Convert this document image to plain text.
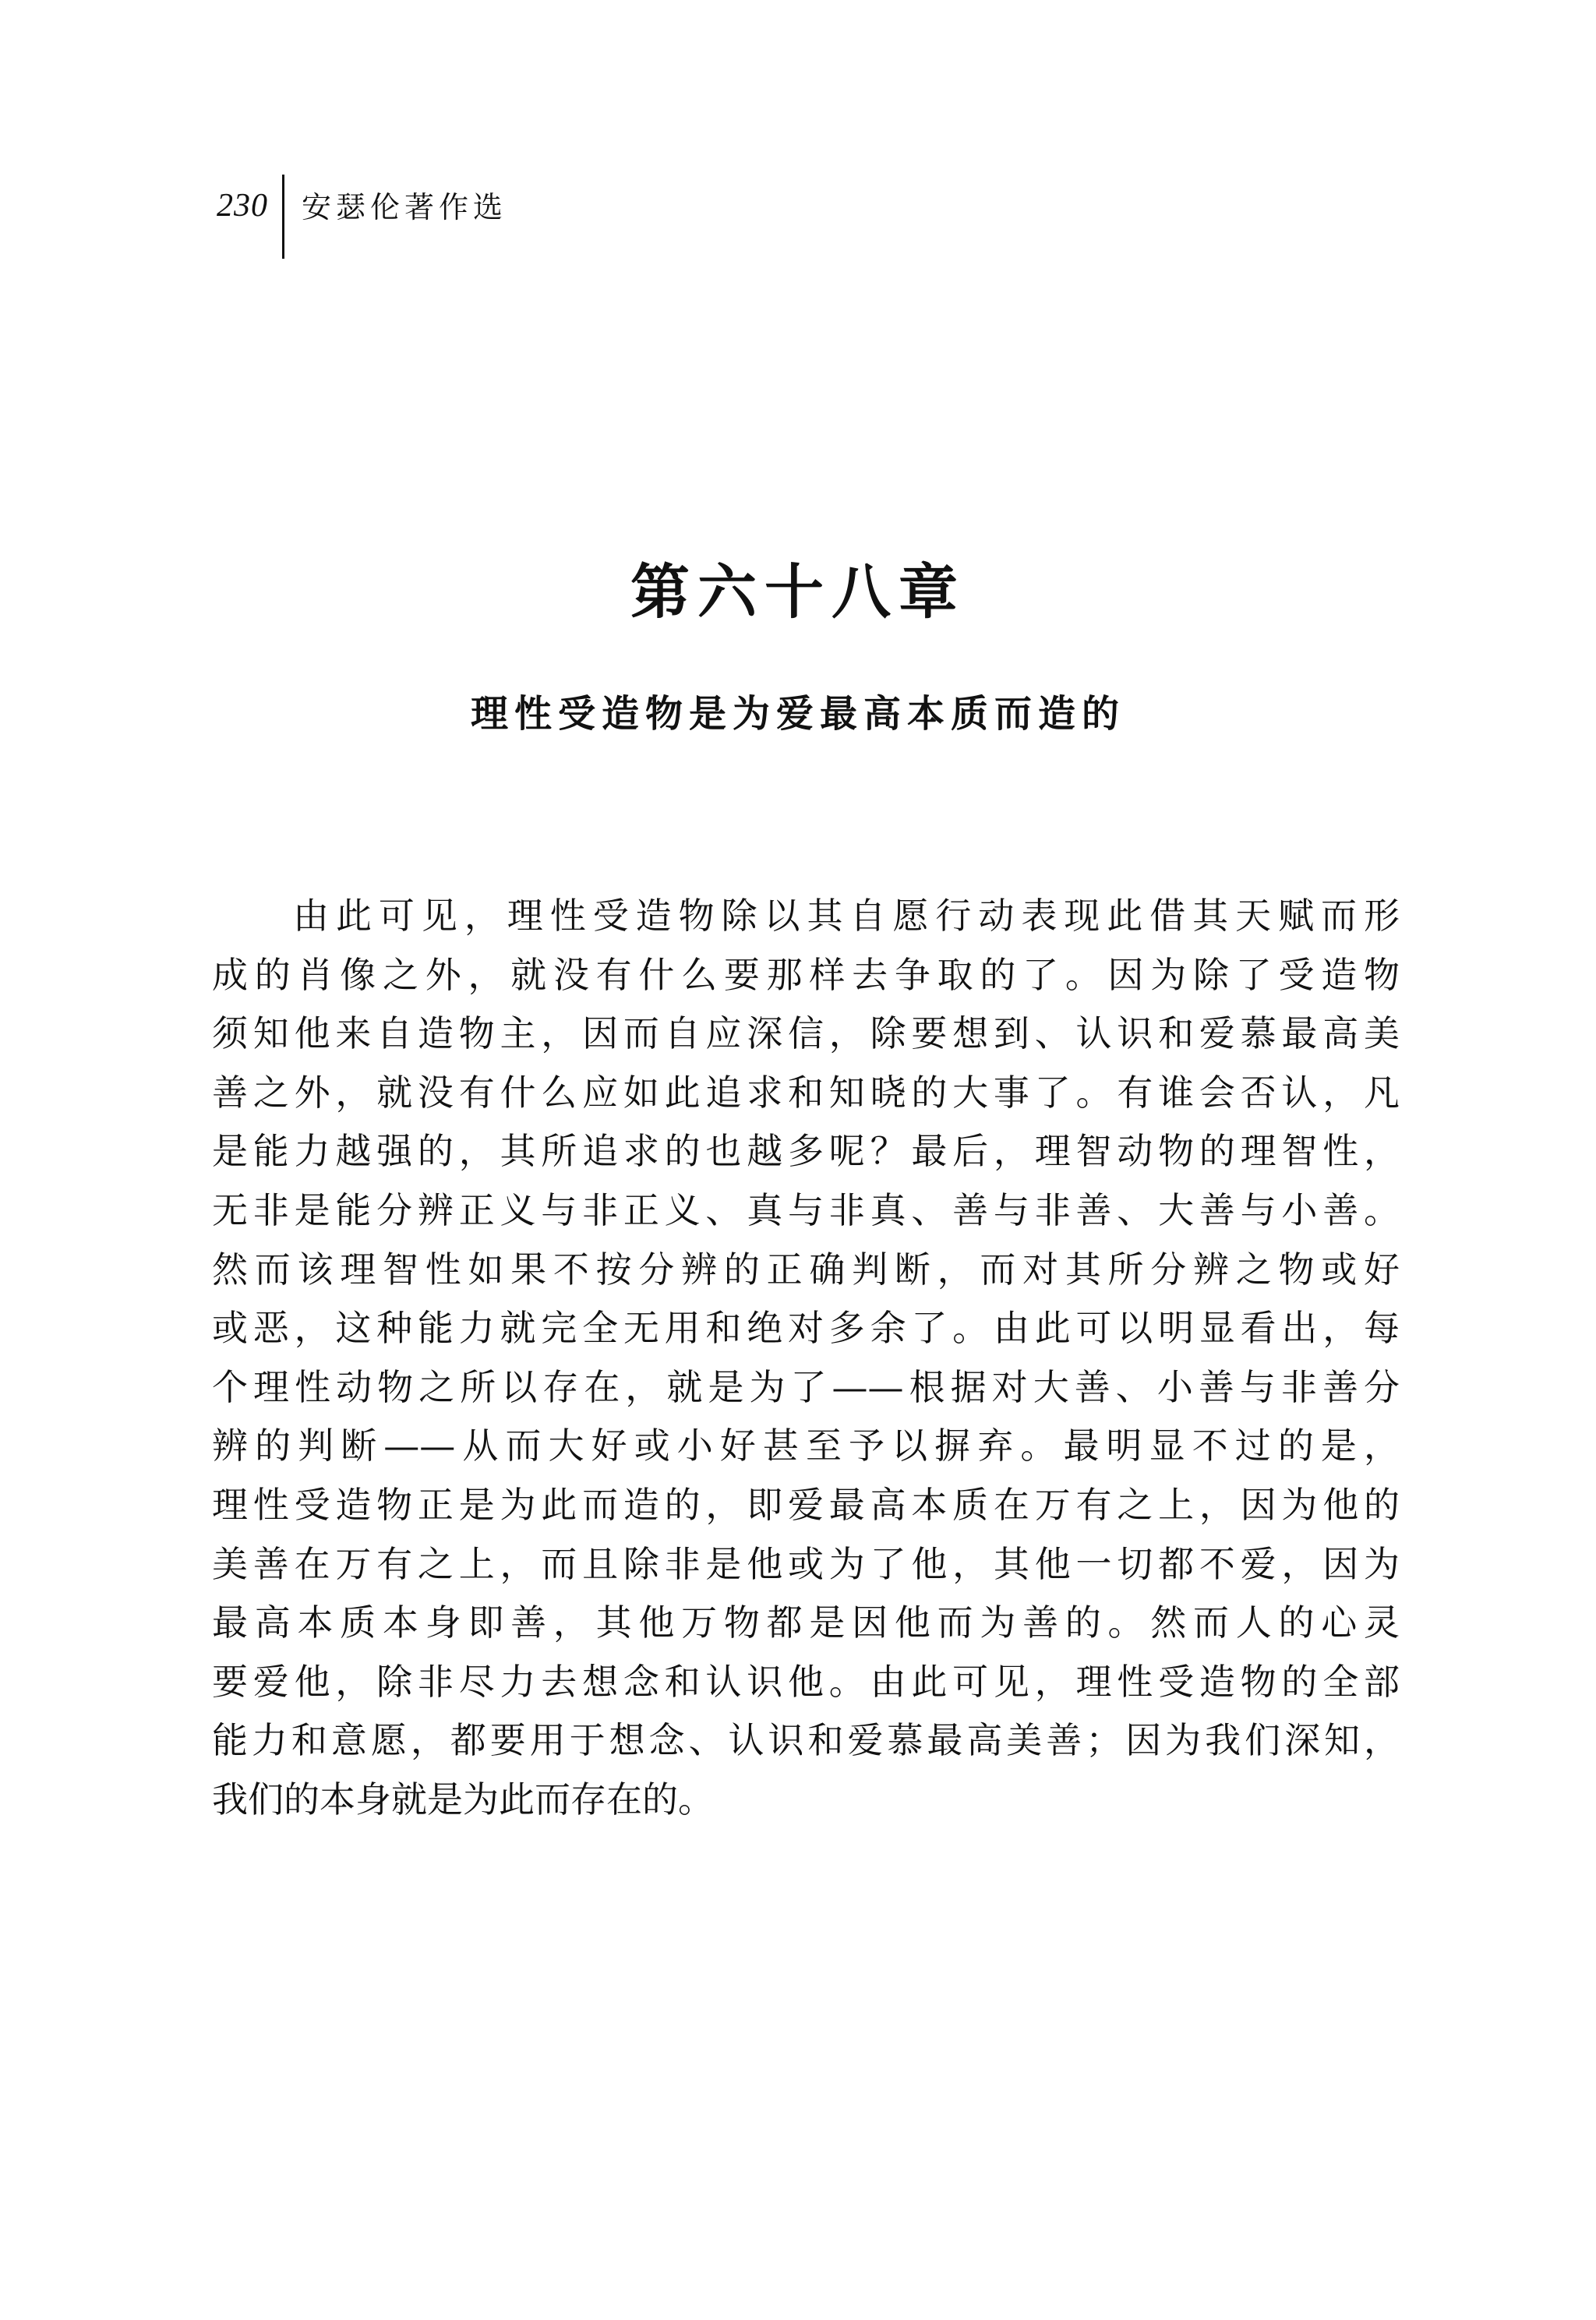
230 安瑟伦著作选
第六十八章
理性受造物是为爱最高本质而造的
由此可见，理性受造物除以其自愿行动表现此借其天赋而形
成的肖像之外，就没有什么要那样去争取的了。因为除了受造物
须知他来自造物主，因而自应深信，除要想到、认识和爱慕最高美
善之外，就没有什么应如此追求和知晓的大事了。有谁会否认，凡
是能力越强的，其所追求的也越多呢？最后，理智动物的理智性，
无非是能分辨正义与非正义、真与非真、善与非善、大善与小善。
然而该理智性如果不按分辨的正确判断，而对其所分辨之物或好
或恶，这种能力就完全无用和绝对多余了。由此可以明显看出，每
个理性动物之所以存在，就是为了——根据对大善、小善与非善分
辨的判断——从而大好或小好甚至予以摒弃。最明显不过的是，
理性受造物正是为此而造的，即爱最高本质在万有之上，因为他的
美善在万有之上，而且除非是他或为了他，其他一切都不爱，因为
最高本质本身即善，其他万物都是因他而为善的。然而人的心灵
要爱他，除非尽力去想念和认识他。由此可见，理性受造物的全部
能力和意愿，都要用于想念、认识和爱慕最高美善；因为我们深知，
我们的本身就是为此而存在的。
